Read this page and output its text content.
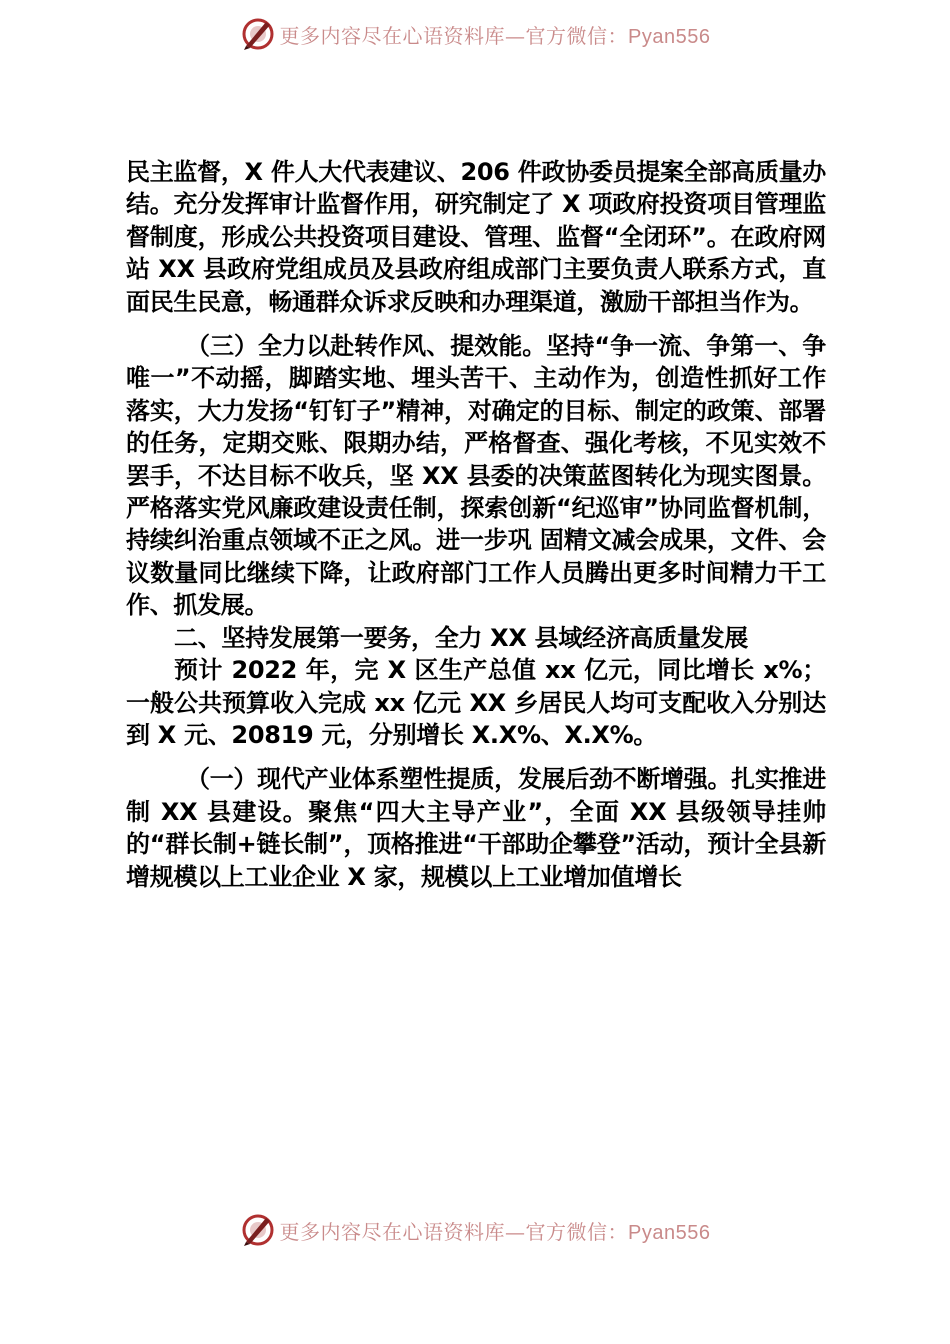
更多内容尽在心语资料库—官方微信：Pyan556

民主监督，X 件人大代表建议、206 件政协委员提案全部高质量办结。充分发挥审计监督作用，研究制定了 X 项政府投资项目管理监督制度，形成公共投资项目建设、管理、监督“全闭环”。在政府网站 XX 县政府党组成员及县政府组成部门主要负责人联系方式，直面民生民意，畅通群众诉求反映和办理渠道，激励干部担当作为。

（三）全力以赴转作风、提效能。坚持“争一流、争第一、争唯一”不动摇，脚踏实地、埋头苦干、主动作为，创造性抓好工作落实，大力发扬“钉钉子”精神，对确定的目标、制定的政策、部署的任务，定期交账、限期办结，严格督查、强化考核，不见实效不罢手，不达目标不收兵，坚 XX 县委的决策蓝图转化为现实图景。严格落实党风廉政建设责任制，探索创新“纪巡审”协同监督机制，持续纠治重点领域不正之风。进一步巩 固精文减会成果，文件、会议数量同比继续下降，让政府部门工作人员腾出更多时间精力干工作、抓发展。

二、坚持发展第一要务，全力 XX 县域经济高质量发展

预计 2022 年，完 X 区生产总值 xx 亿元，同比增长 x%；一般公共预算收入完成 xx 亿元 XX 乡居民人均可支配收入分别达到 X 元、20819 元，分别增长 X.X%、X.X%。

（一）现代产业体系塑性提质，发展后劲不断增强。扎实推进制 XX 县建设。聚焦“四大主导产业”，全面 XX 县级领导挂帅的“群长制+链长制”，顶格推进“干部助企攀登”活动，预计全县新增规模以上工业企业 X 家，规模以上工业增加值增长

更多内容尽在心语资料库—官方微信：Pyan556
